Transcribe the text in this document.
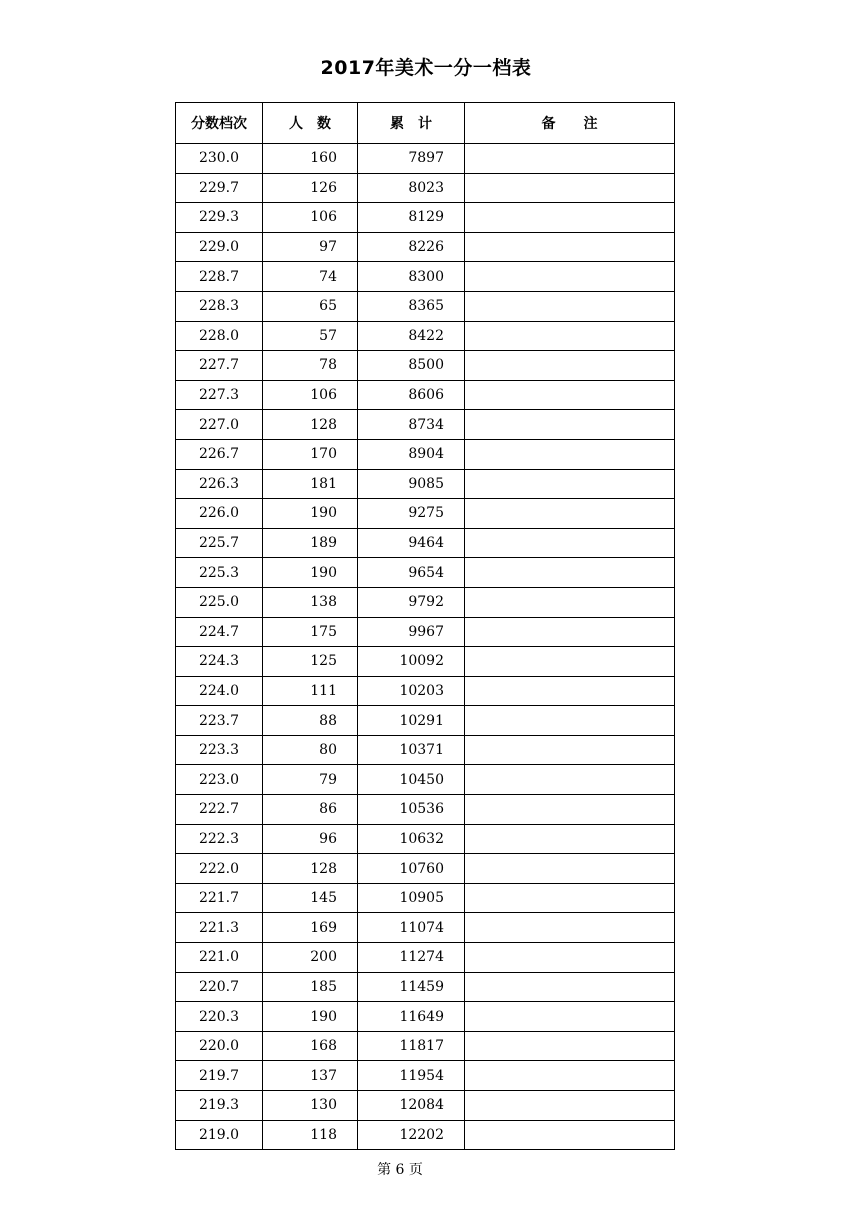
2017年美术一分一档表
分数档次	人　数	累　计	备　　注
230.0	160	7897	
229.7	126	8023	
229.3	106	8129	
229.0	97	8226	
228.7	74	8300	
228.3	65	8365	
228.0	57	8422	
227.7	78	8500	
227.3	106	8606	
227.0	128	8734	
226.7	170	8904	
226.3	181	9085	
226.0	190	9275	
225.7	189	9464	
225.3	190	9654	
225.0	138	9792	
224.7	175	9967	
224.3	125	10092	
224.0	111	10203	
223.7	88	10291	
223.3	80	10371	
223.0	79	10450	
222.7	86	10536	
222.3	96	10632	
222.0	128	10760	
221.7	145	10905	
221.3	169	11074	
221.0	200	11274	
220.7	185	11459	
220.3	190	11649	
220.0	168	11817	
219.7	137	11954	
219.3	130	12084	
219.0	118	12202	
第 6 页
